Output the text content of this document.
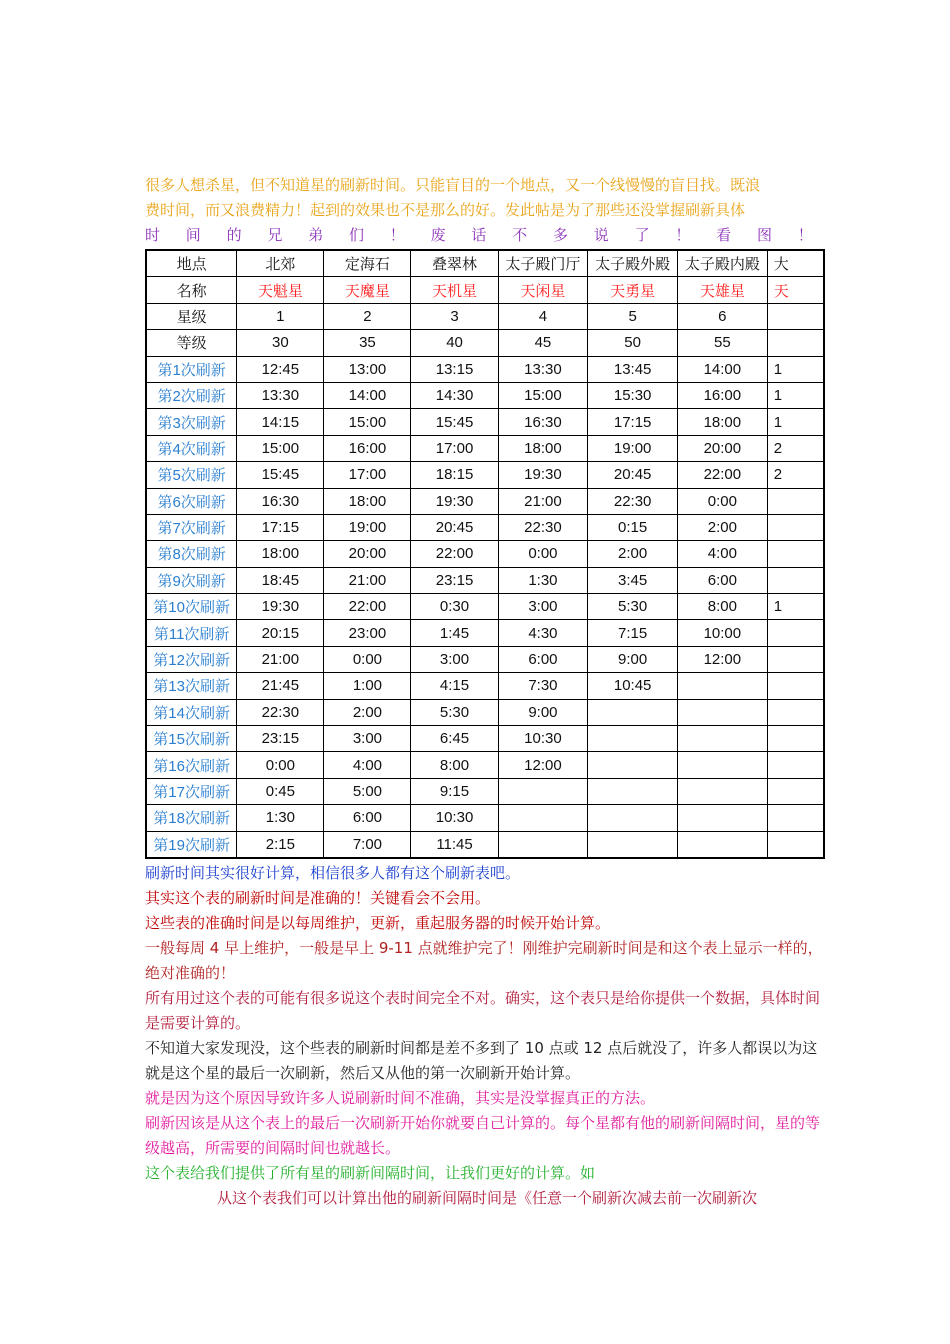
很多人想杀星，但不知道星的刷新时间。只能盲目的一个地点，又一个线慢慢的盲目找。既浪

费时间，而又浪费精力！起到的效果也不是那么的好。发此帖是为了那些还没掌握刷新具体

时 间 的 兄 弟 们 ！ 废 话 不 多 说 了 ！ 看 图 ！
地点	北郊	定海石	叠翠林	太子殿门厅	太子殿外殿	太子殿内殿	大
名称	天魁星	天魔星	天机星	天闲星	天勇星	天雄星	天
星级	1	2	3	4	5	6	
等级	30	35	40	45	50	55	
第1次刷新	12:45	13:00	13:15	13:30	13:45	14:00	1
第2次刷新	13:30	14:00	14:30	15:00	15:30	16:00	1
第3次刷新	14:15	15:00	15:45	16:30	17:15	18:00	1
第4次刷新	15:00	16:00	17:00	18:00	19:00	20:00	2
第5次刷新	15:45	17:00	18:15	19:30	20:45	22:00	2
第6次刷新	16:30	18:00	19:30	21:00	22:30	0:00	
第7次刷新	17:15	19:00	20:45	22:30	0:15	2:00	
第8次刷新	18:00	20:00	22:00	0:00	2:00	4:00	
第9次刷新	18:45	21:00	23:15	1:30	3:45	6:00	
第10次刷新	19:30	22:00	0:30	3:00	5:30	8:00	1
第11次刷新	20:15	23:00	1:45	4:30	7:15	10:00	
第12次刷新	21:00	0:00	3:00	6:00	9:00	12:00	
第13次刷新	21:45	1:00	4:15	7:30	10:45		
第14次刷新	22:30	2:00	5:30	9:00			
第15次刷新	23:15	3:00	6:45	10:30			
第16次刷新	0:00	4:00	8:00	12:00			
第17次刷新	0:45	5:00	9:15				
第18次刷新	1:30	6:00	10:30				
第19次刷新	2:15	7:00	11:45				

刷新时间其实很好计算，相信很多人都有这个刷新表吧。

其实这个表的刷新时间是准确的！关键看会不会用。

这些表的准确时间是以每周维护，更新，重起服务器的时候开始计算。

一般每周 4 早上维护，一般是早上 9-11 点就维护完了！刚维护完刷新时间是和这个表上显示一样的，绝对准确的！

所有用过这个表的可能有很多说这个表时间完全不对。确实，这个表只是给你提供一个数据，具体时间是需要计算的。

不知道大家发现没，这个些表的刷新时间都是差不多到了 10 点或 12 点后就没了，许多人都误以为这就是这个星的最后一次刷新，然后又从他的第一次刷新开始计算。

就是因为这个原因导致许多人说刷新时间不准确，其实是没掌握真正的方法。

刷新因该是从这个表上的最后一次刷新开始你就要自己计算的。每个星都有他的刷新间隔时间，星的等级越高，所需要的间隔时间也就越长。

这个表给我们提供了所有星的刷新间隔时间，让我们更好的计算。如

从这个表我们可以计算出他的刷新间隔时间是《任意一个刷新次减去前一次刷新次
